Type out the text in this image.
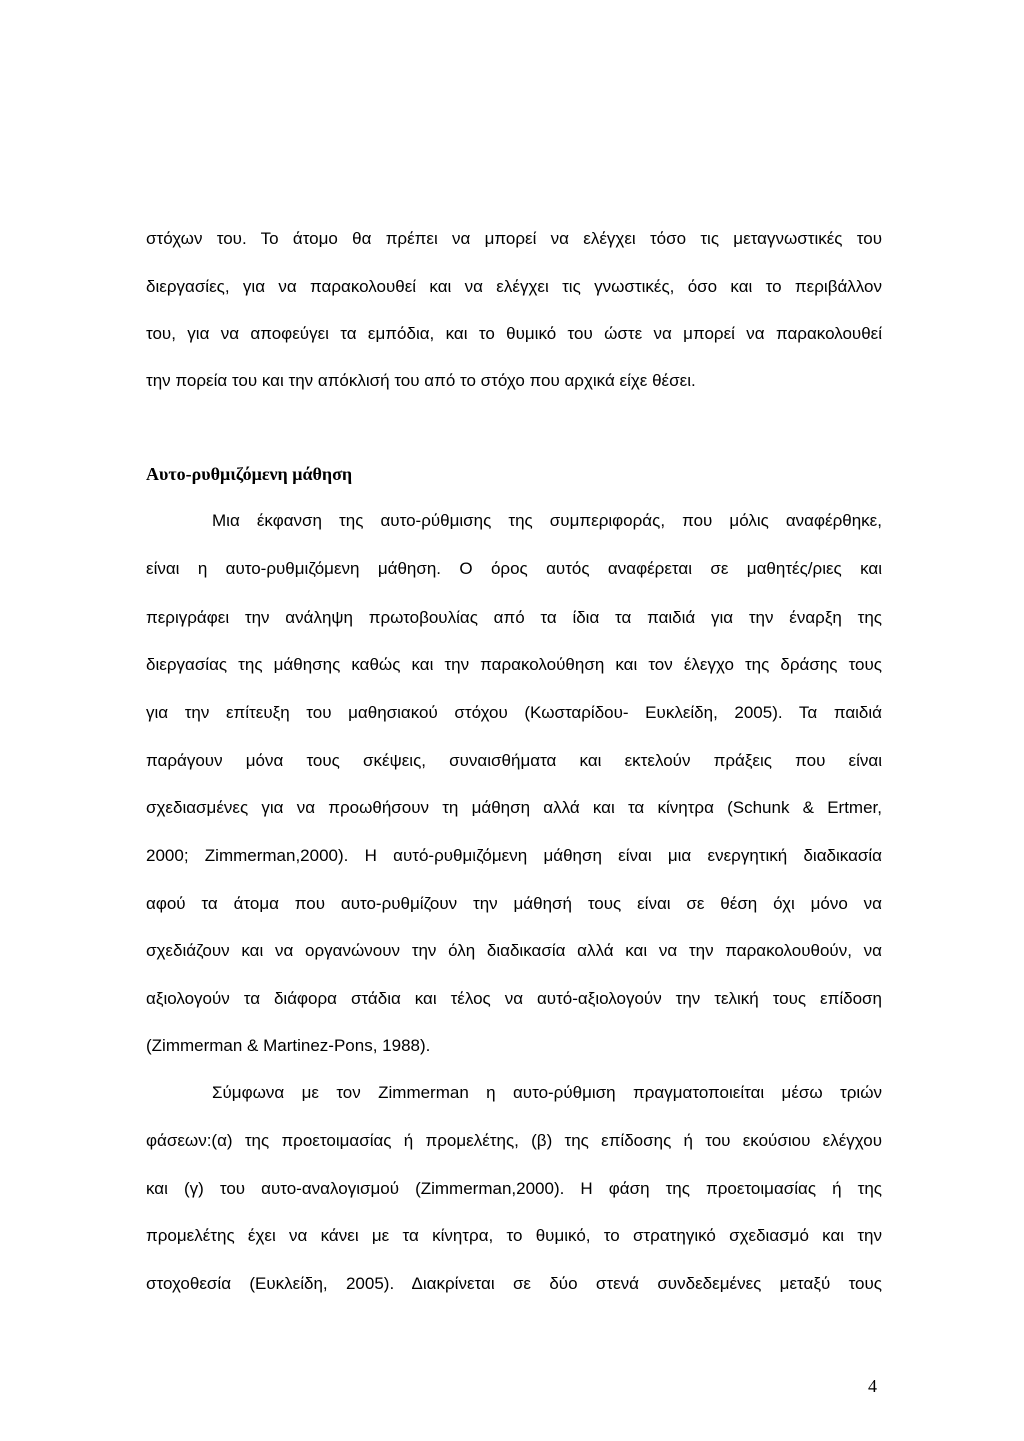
στόχων του. Το άτομο θα πρέπει να μπορεί να ελέγχει τόσο τις μεταγνωστικές του
διεργασίες, για να παρακολουθεί και να ελέγχει τις γνωστικές, όσο και το περιβάλλον
του, για να αποφεύγει τα εμπόδια, και το θυμικό του ώστε να μπορεί να παρακολουθεί
την πορεία του και την απόκλισή του από το στόχο που αρχικά είχε θέσει.
Αυτο-ρυθμιζόμενη μάθηση
Μια έκφανση της αυτο-ρύθμισης της συμπεριφοράς, που μόλις αναφέρθηκε,
είναι η αυτο-ρυθμιζόμενη μάθηση. Ο όρος αυτός αναφέρεται σε μαθητές/ριες και
περιγράφει την ανάληψη πρωτοβουλίας από τα ίδια τα παιδιά για την έναρξη της
διεργασίας της μάθησης καθώς και την παρακολούθηση και τον έλεγχο της δράσης τους
για την επίτευξη του μαθησιακού στόχου (Κωσταρίδου- Ευκλείδη, 2005). Τα παιδιά
παράγουν μόνα τους σκέψεις, συναισθήματα και εκτελούν πράξεις που είναι
σχεδιασμένες για να προωθήσουν τη μάθηση αλλά και τα κίνητρα (Schunk & Ertmer,
2000; Zimmerman,2000). Η αυτό-ρυθμιζόμενη μάθηση είναι μια ενεργητική διαδικασία
αφού τα άτομα που αυτο-ρυθμίζουν την μάθησή τους είναι σε θέση όχι μόνο να
σχεδιάζουν και να οργανώνουν την όλη διαδικασία αλλά και να την παρακολουθούν, να
αξιολογούν τα διάφορα στάδια και τέλος να αυτό-αξιολογούν την τελική τους επίδοση
(Zimmerman & Martinez-Pons, 1988).
Σύμφωνα με τον Zimmerman η αυτο-ρύθμιση πραγματοποιείται μέσω τριών
φάσεων:(α) της προετοιμασίας ή προμελέτης, (β) της επίδοσης ή του εκούσιου ελέγχου
και (γ) του αυτο-αναλογισμού (Zimmerman,2000). Η φάση της προετοιμασίας ή της
προμελέτης έχει να κάνει με τα κίνητρα, το θυμικό, το στρατηγικό σχεδιασμό και την
στοχοθεσία (Ευκλείδη, 2005). Διακρίνεται σε δύο στενά συνδεδεμένες μεταξύ τους
4
